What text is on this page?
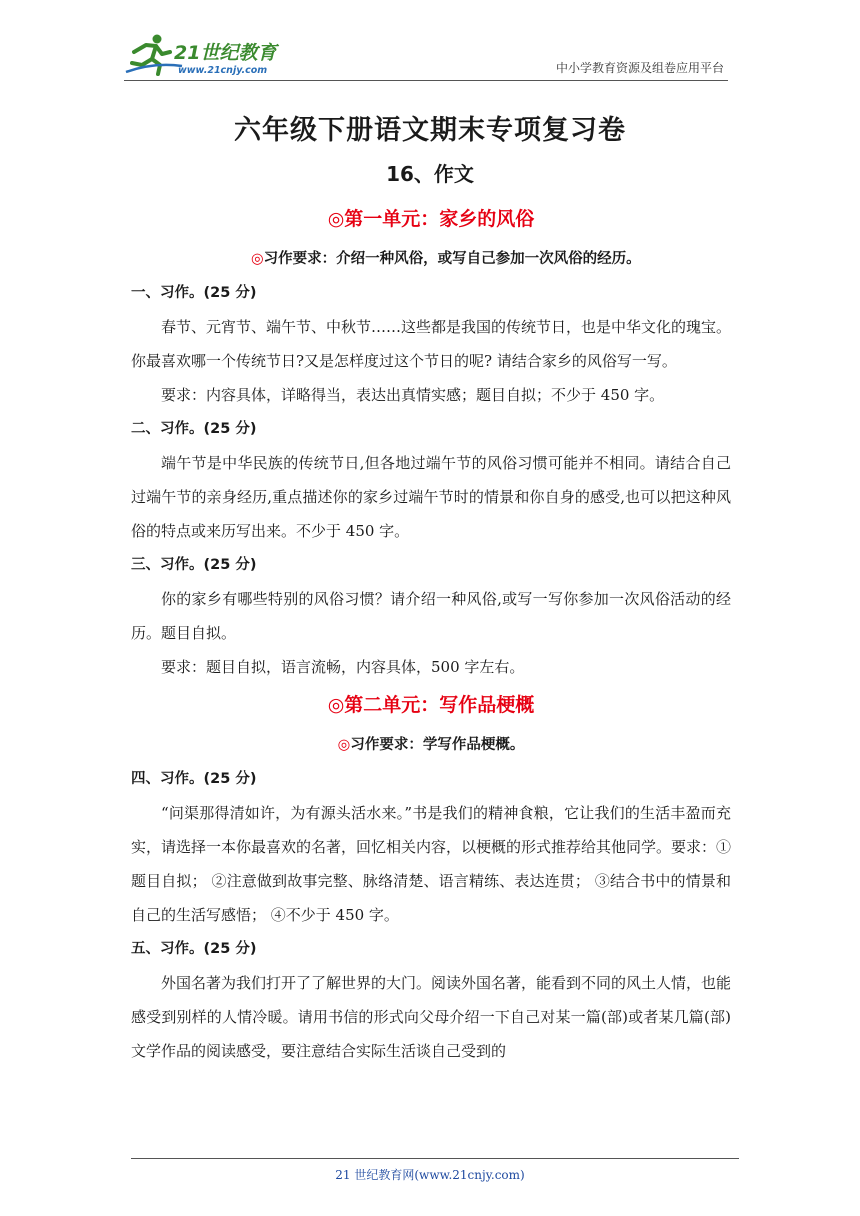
21世纪教育
www.21cnjy.com	中小学教育资源及组卷应用平台
六年级下册语文期末专项复习卷
16、作文
◎第一单元：家乡的风俗
◎习作要求：介绍一种风俗，或写自己参加一次风俗的经历。
一、习作。(25 分)

春节、元宵节、端午节、中秋节……这些都是我国的传统节日，也是中华文化的瑰宝。你最喜欢哪一个传统节日?又是怎样度过这个节日的呢? 请结合家乡的风俗写一写。

要求：内容具体，详略得当，表达出真情实感；题目自拟；不少于 450 字。

二、习作。(25 分)

端午节是中华民族的传统节日,但各地过端午节的风俗习惯可能并不相同。请结合自己过端午节的亲身经历,重点描述你的家乡过端午节时的情景和你自身的感受,也可以把这种风俗的特点或来历写出来。不少于 450 字。

三、习作。(25 分)

你的家乡有哪些特别的风俗习惯？请介绍一种风俗,或写一写你参加一次风俗活动的经历。题目自拟。

要求：题目自拟，语言流畅，内容具体，500 字左右。

◎第二单元：写作品梗概
◎习作要求：学写作品梗概。
四、习作。(25 分)

“问渠那得清如许，为有源头活水来。”书是我们的精神食粮，它让我们的生活丰盈而充实，请选择一本你最喜欢的名著，回忆相关内容，以梗概的形式推荐给其他同学。要求：①题目自拟； ②注意做到故事完整、脉络清楚、语言精练、表达连贯； ③结合书中的情景和自己的生活写感悟； ④不少于 450 字。

五、习作。(25 分)

外国名著为我们打开了了解世界的大门。阅读外国名著，能看到不同的风土人情，也能感受到别样的人情冷暖。请用书信的形式向父母介绍一下自己对某一篇(部)或者某几篇(部)文学作品的阅读感受，要注意结合实际生活谈自己受到的

21 世纪教育网(www.21cnjy.com)
